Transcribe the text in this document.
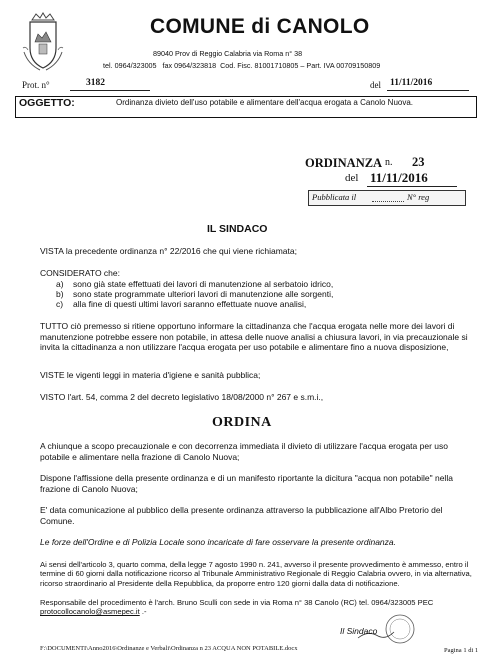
COMUNE di CANOLO
89040 Prov di Reggio Calabria via Roma n° 38
tel. 0964/323005   fax 0964/323818  Cod. Fisc. 81001710805 – Part. IVA 00709150809
Prot. n°	3182	del 11/11/2016
OGGETTO:	Ordinanza divieto dell'uso potabile e alimentare dell'acqua erogata a Canolo Nuova.
ORDINANZA n. 23
del 11/11/2016
Pubblicata il	N° reg
IL SINDACO
VISTA la precedente ordinanza n° 22/2016 che qui viene richiamata;
CONSIDERATO che:
a) sono già state effettuati dei lavori di manutenzione al serbatoio idrico,
b) sono state programmate ulteriori lavori di manutenzione alle sorgenti,
c) alla fine di questi ultimi lavori saranno effettuate nuove analisi,
TUTTO ciò premesso si ritiene opportuno informare la cittadinanza che l'acqua erogata nelle more dei lavori di manutenzione potrebbe essere non potabile, in attesa delle nuove analisi a chiusura lavori, in via precauzionale si invita la cittadinanza a non utilizzare l'acqua erogata per uso potabile e alimentare fino a nuova disposizione,
VISTE le vigenti leggi in materia d'igiene e sanità pubblica;
VISTO l'art. 54, comma 2 del decreto legislativo 18/08/2000 n° 267 e s.m.i.,
ORDINA
A chiunque a scopo precauzionale e con decorrenza immediata il divieto di utilizzare l'acqua erogata per uso potabile e alimentare nella frazione di Canolo Nuova;
Dispone l'affissione della presente ordinanza e di un manifesto riportante la dicitura "acqua non potabile" nella frazione di Canolo Nuova;
E' data comunicazione al pubblico della presente ordinanza attraverso la pubblicazione all'Albo Pretorio del Comune.
Le forze dell'Ordine e di Polizia Locale sono incaricate di fare osservare la presente ordinanza.
Ai sensi dell'articolo 3, quarto comma, della legge 7 agosto 1990 n. 241, avverso il presente provvedimento è ammesso, entro il termine di 60 giorni dalla notificazione ricorso al Tribunale Amministrativo Regionale di Reggio Calabria ovvero, in via alternativa, ricorso straordinario al Presidente della Repubblica, da proporre entro 120 giorni dalla data di notificazione.
Responsabile del procedimento è l'arch. Bruno Sculli con sede in via Roma n° 38 Canolo (RC) tel. 0964/323005 PEC protocollocanolo@asmepec.it .-
Il Sindaco
F:\DOCUMENTI\Anno2016\Ordinanze e Verbali\Ordinanza n 23 ACQUA NON POTABILE.docx	Pagina 1 di 1
